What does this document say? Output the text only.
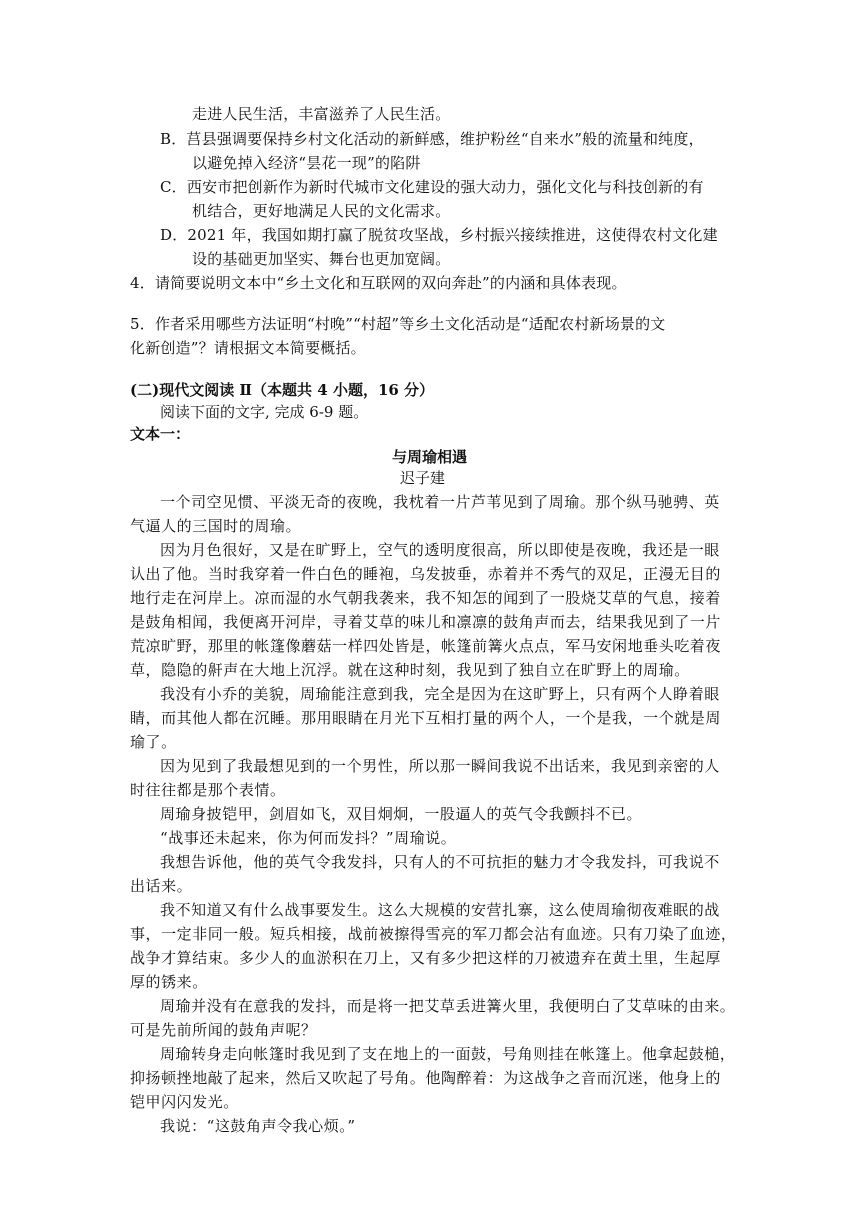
走进人民生活，丰富滋养了人民生活。
B．莒县强调要保持乡村文化活动的新鲜感，维护粉丝“自来水”般的流量和纯度，
以避免掉入经济“昙花一现”的陷阱
C．西安市把创新作为新时代城市文化建设的强大动力，强化文化与科技创新的有
机结合，更好地满足人民的文化需求。
D．2021 年，我国如期打赢了脱贫攻坚战，乡村振兴接续推进，这使得农村文化建
设的基础更加坚实、舞台也更加宽阔。
4．请简要说明文本中“乡土文化和互联网的双向奔赴”的内涵和具体表现。
5．作者采用哪些方法证明“村晚”“村超”等乡土文化活动是“适配农村新场景的文
化新创造”？请根据文本简要概括。
(二)现代文阅读 Ⅱ（本题共 4 小题，16 分）
阅读下面的文字, 完成 6-9 题。
文本一：
与周瑜相遇
迟子建
一个司空见惯、平淡无奇的夜晚，我枕着一片芦苇见到了周瑜。那个纵马驰骋、英
气逼人的三国时的周瑜。
因为月色很好，又是在旷野上，空气的透明度很高，所以即使是夜晚，我还是一眼
认出了他。当时我穿着一件白色的睡袍，乌发披垂，赤着并不秀气的双足，正漫无目的
地行走在河岸上。凉而湿的水气朝我袭来，我不知怎的闻到了一股烧艾草的气息，接着
是鼓角相闻，我便离开河岸，寻着艾草的味儿和凛凛的鼓角声而去，结果我见到了一片
荒凉旷野，那里的帐篷像蘑菇一样四处皆是，帐篷前篝火点点，军马安闲地垂头吃着夜
草，隐隐的鼾声在大地上沉浮。就在这种时刻，我见到了独自立在旷野上的周瑜。
我没有小乔的美貌，周瑜能注意到我，完全是因为在这旷野上，只有两个人睁着眼
睛，而其他人都在沉睡。那用眼睛在月光下互相打量的两个人，一个是我，一个就是周
瑜了。
因为见到了我最想见到的一个男性，所以那一瞬间我说不出话来，我见到亲密的人
时往往都是那个表情。
周瑜身披铠甲，剑眉如飞，双目炯炯，一股逼人的英气令我颤抖不已。
“战事还未起来，你为何而发抖？”周瑜说。
我想告诉他，他的英气令我发抖，只有人的不可抗拒的魅力才令我发抖，可我说不
出话来。
我不知道又有什么战事要发生。这么大规模的安营扎寨，这么使周瑜彻夜难眠的战
事，一定非同一般。短兵相接，战前被擦得雪亮的军刀都会沾有血迹。只有刀染了血迹，
战争才算结束。多少人的血淤积在刀上，又有多少把这样的刀被遗弃在黄土里，生起厚
厚的锈来。
周瑜并没有在意我的发抖，而是将一把艾草丢进篝火里，我便明白了艾草味的由来。
可是先前所闻的鼓角声呢？
周瑜转身走向帐篷时我见到了支在地上的一面鼓，号角则挂在帐篷上。他拿起鼓槌，
抑扬顿挫地敲了起来，然后又吹起了号角。他陶醉着：为这战争之音而沉迷，他身上的
铠甲闪闪发光。
我说：“这鼓角声令我心烦。”
